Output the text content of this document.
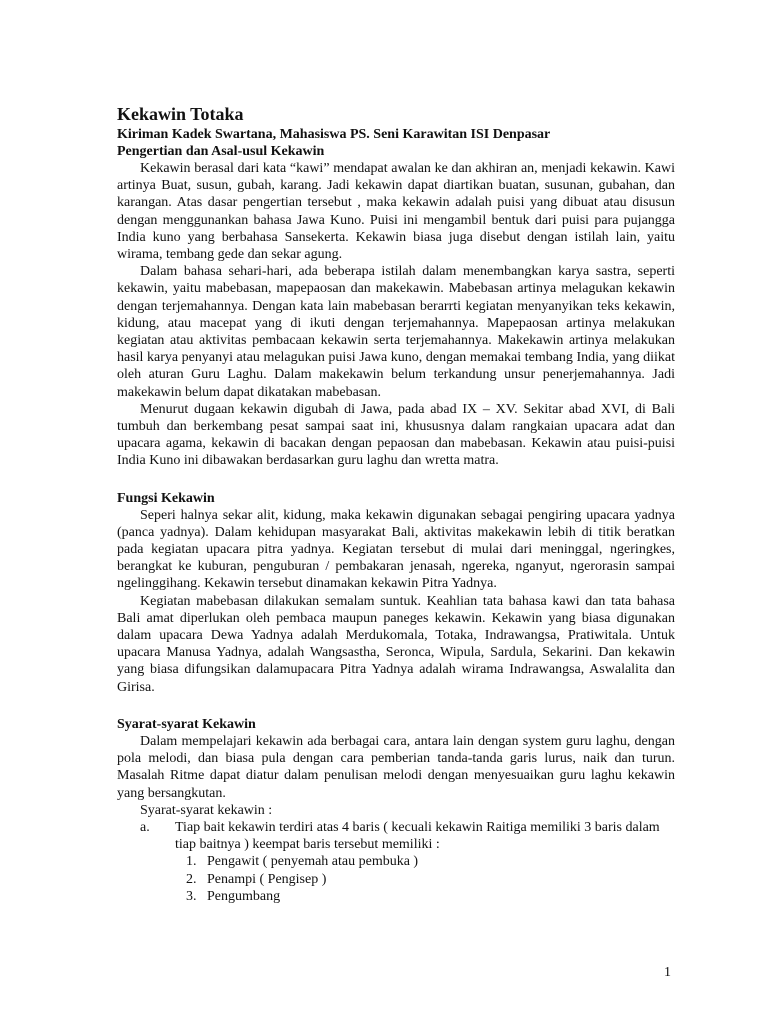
Kekawin Totaka
Kiriman Kadek Swartana, Mahasiswa PS. Seni Karawitan ISI Denpasar
Pengertian dan Asal-usul Kekawin

Kekawin berasal dari kata “kawi” mendapat awalan ke dan akhiran an, menjadi kekawin. Kawi artinya Buat, susun, gubah, karang. Jadi kekawin dapat diartikan buatan, susunan, gubahan, dan karangan. Atas dasar pengertian tersebut , maka kekawin adalah puisi yang dibuat atau disusun dengan menggunankan bahasa Jawa Kuno. Puisi ini mengambil bentuk dari puisi para pujangga India kuno yang berbahasa Sansekerta. Kekawin biasa juga disebut dengan istilah lain, yaitu wirama, tembang gede dan sekar agung.

Dalam bahasa sehari-hari, ada beberapa istilah dalam menembangkan karya sastra, seperti kekawin, yaitu mabebasan, mapepaosan dan makekawin. Mabebasan artinya melagukan kekawin dengan terjemahannya. Dengan kata lain mabebasan berarrti kegiatan menyanyikan teks kekawin, kidung, atau macepat yang di ikuti dengan terjemahannya. Mapepaosan artinya melakukan kegiatan atau aktivitas pembacaan kekawin serta terjemahannya. Makekawin artinya melakukan hasil karya penyanyi atau melagukan puisi Jawa kuno, dengan memakai tembang India, yang diikat oleh aturan Guru Laghu. Dalam makekawin belum terkandung unsur penerjemahannya. Jadi makekawin belum dapat dikatakan mabebasan.

Menurut dugaan kekawin digubah di Jawa, pada abad IX – XV. Sekitar abad XVI, di Bali tumbuh dan berkembang pesat sampai saat ini, khususnya dalam rangkaian upacara adat dan upacara agama, kekawin di bacakan dengan pepaosan dan mabebasan. Kekawin atau puisi-puisi India Kuno ini dibawakan berdasarkan guru laghu dan wretta matra.

Fungsi Kekawin

Seperi halnya sekar alit, kidung, maka kekawin digunakan sebagai pengiring upacara yadnya (panca yadnya). Dalam kehidupan masyarakat Bali, aktivitas makekawin lebih di titik beratkan pada kegiatan upacara pitra yadnya. Kegiatan tersebut di mulai dari meninggal, ngeringkes, berangkat ke kuburan, penguburan / pembakaran jenasah, ngereka, nganyut, ngerorasin sampai ngelinggihang. Kekawin tersebut dinamakan kekawin Pitra Yadnya.

Kegiatan mabebasan dilakukan semalam suntuk. Keahlian tata bahasa kawi dan tata bahasa Bali amat diperlukan oleh pembaca maupun paneges kekawin. Kekawin yang biasa digunakan dalam upacara Dewa Yadnya adalah Merdukomala, Totaka, Indrawangsa, Pratiwitala. Untuk upacara Manusa Yadnya, adalah Wangsastha, Seronca, Wipula, Sardula, Sekarini. Dan kekawin yang biasa difungsikan dalamupacara Pitra Yadnya adalah wirama Indrawangsa, Aswalalita dan Girisa.

Syarat-syarat Kekawin

Dalam mempelajari kekawin ada berbagai cara, antara lain dengan system guru laghu, dengan pola melodi, dan biasa pula dengan cara pemberian tanda-tanda garis lurus, naik dan turun. Masalah Ritme dapat diatur dalam penulisan melodi dengan menyesuaikan guru laghu kekawin yang bersangkutan.

Syarat-syarat kekawin :
a.	Tiap bait kekawin terdiri atas 4 baris ( kecuali kekawin Raitiga memiliki 3 baris dalam tiap baitnya ) keempat baris tersebut memiliki :
1. Pengawit ( penyemah atau pembuka )
2. Penampi ( Pengisep )
3. Pengumbang
1
